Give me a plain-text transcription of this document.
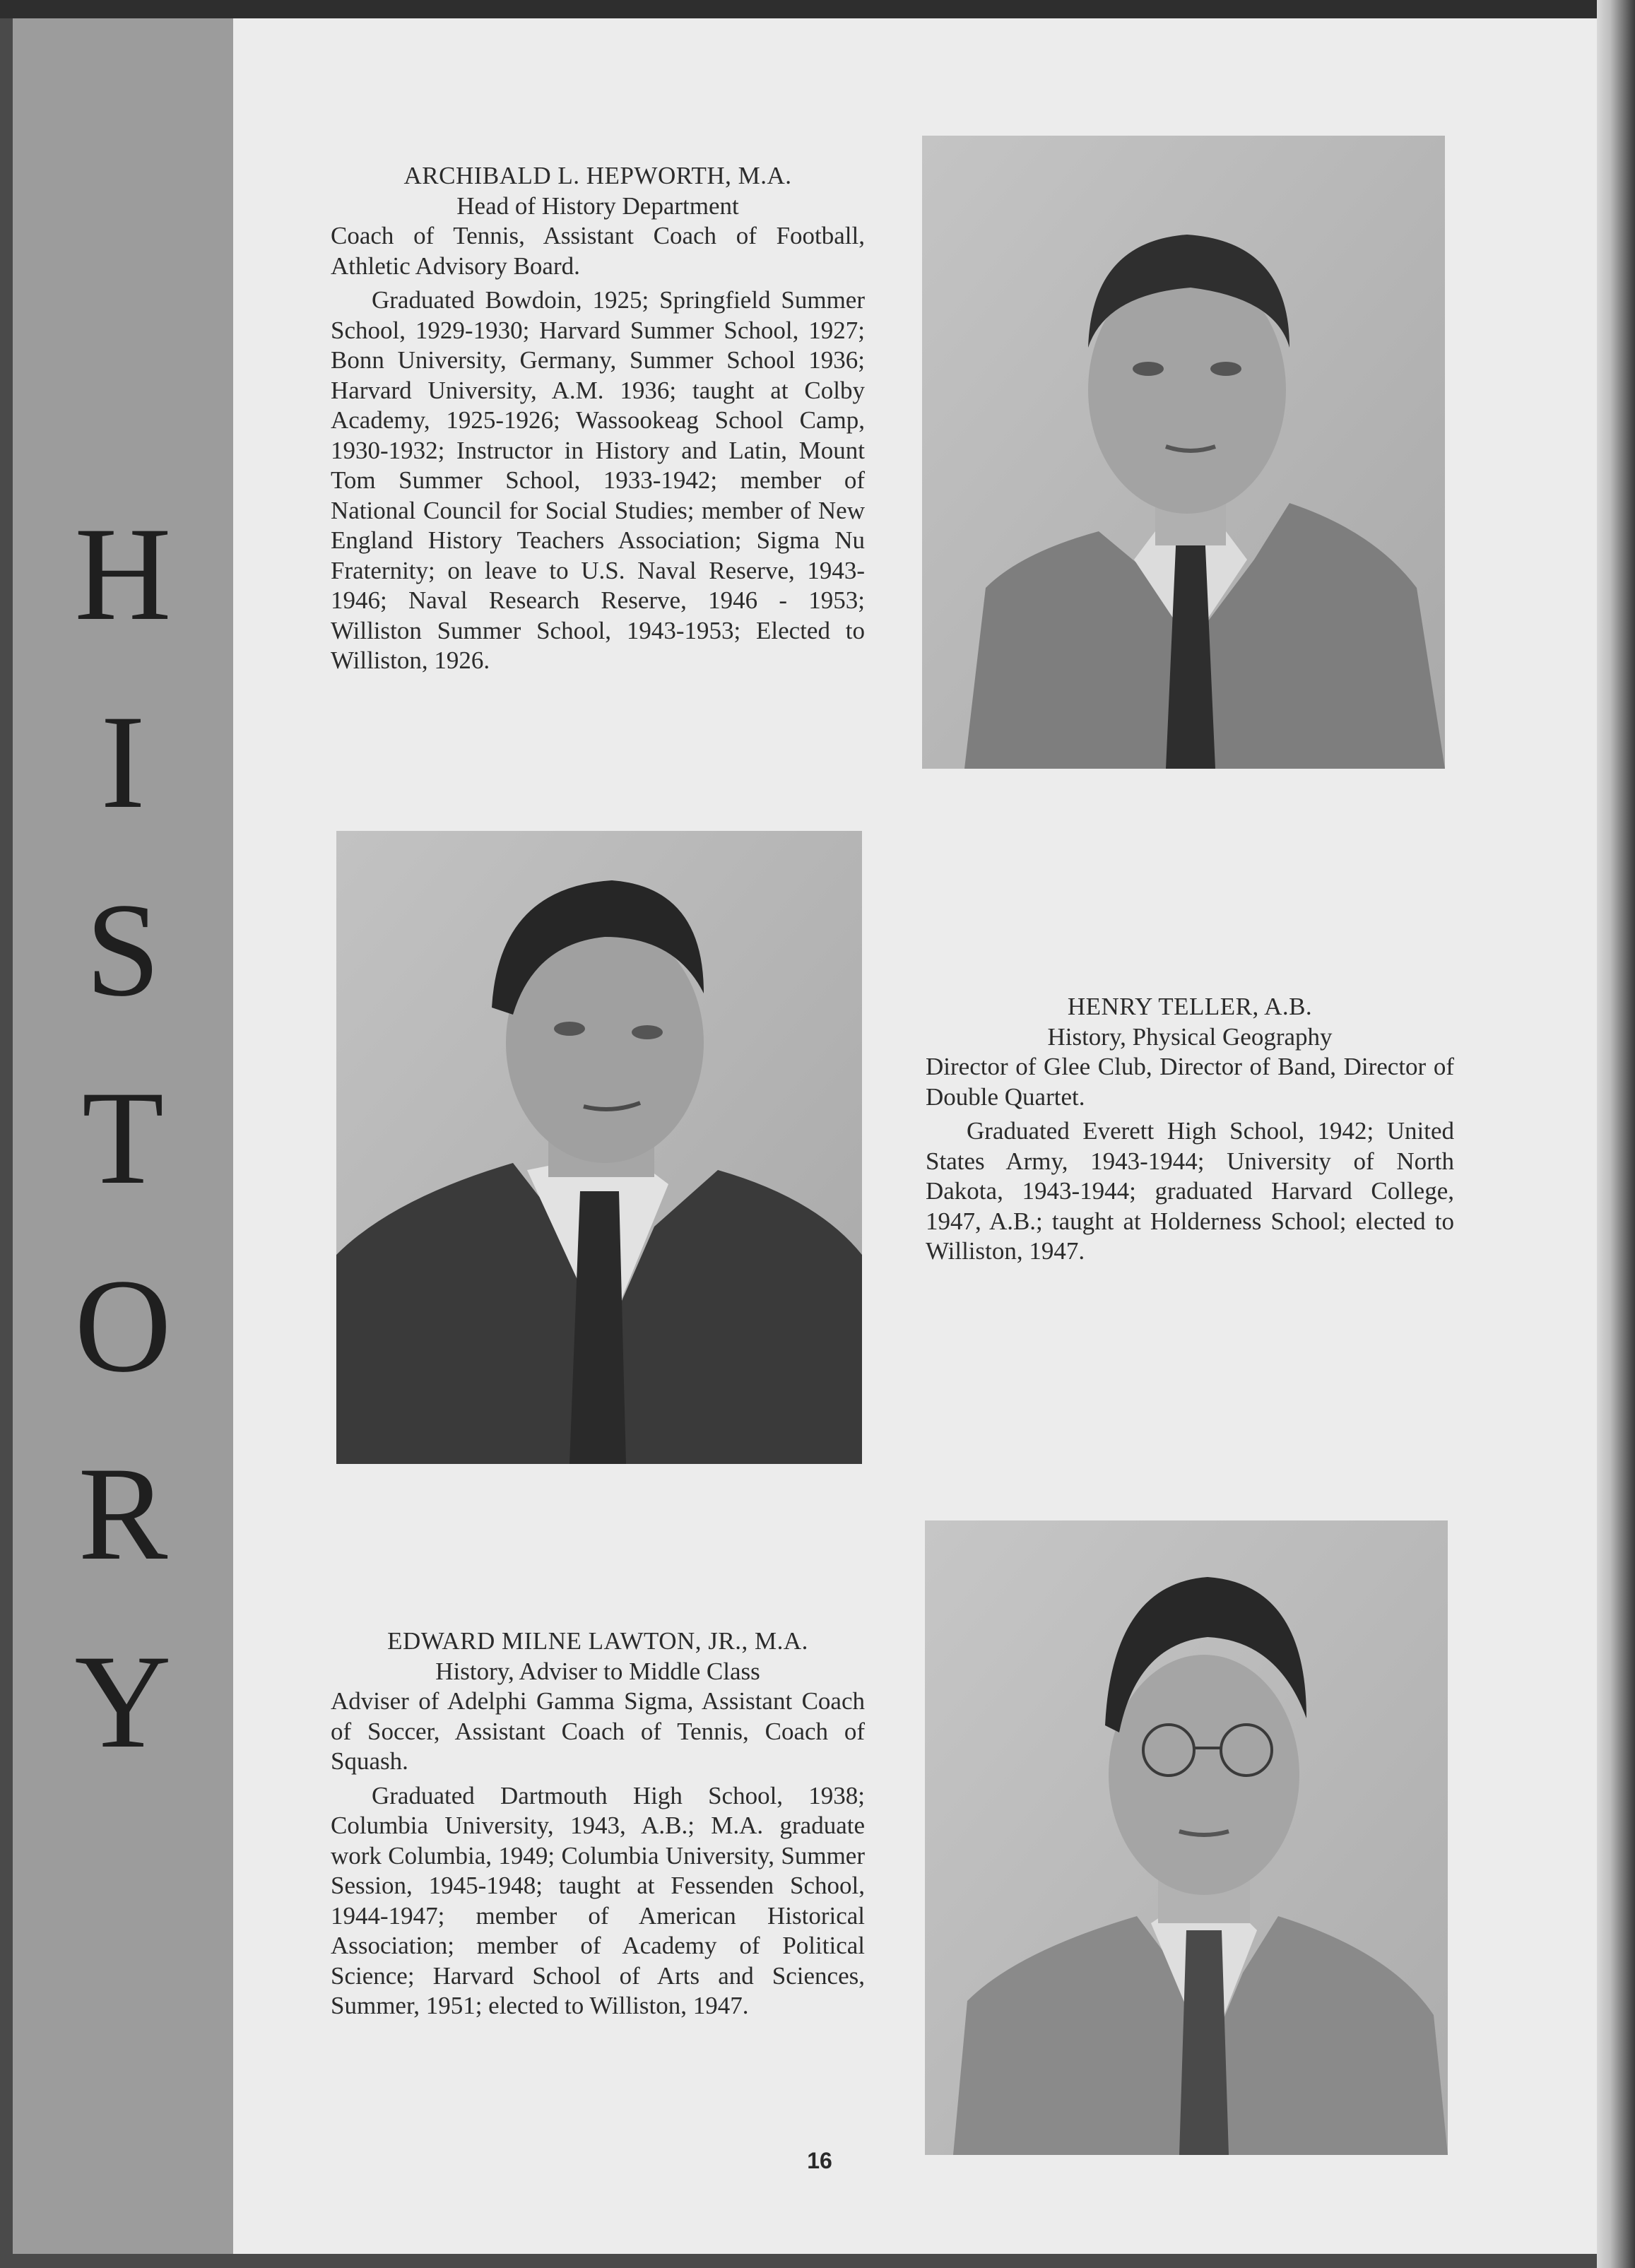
H
I
S
T
O
R
Y
ARCHIBALD L. HEPWORTH, M.A.
Head of History Department
Coach of Tennis, Assistant Coach of Football, Athletic Advisory Board.
Graduated Bowdoin, 1925; Springfield Summer School, 1929-1930; Harvard Summer School, 1927; Bonn University, Germany, Summer School 1936; Harvard University, A.M. 1936; taught at Colby Academy, 1925-1926; Wassookeag School Camp, 1930-1932; Instructor in History and Latin, Mount Tom Summer School, 1933-1942; member of National Council for Social Studies; member of New England History Teachers Association; Sigma Nu Fraternity; on leave to U.S. Naval Reserve, 1943-1946; Naval Research Reserve, 1946 - 1953; Williston Summer School, 1943-1953; Elected to Williston, 1926.
HENRY TELLER, A.B.
History, Physical Geography
Director of Glee Club, Director of Band, Director of Double Quartet.
Graduated Everett High School, 1942; United States Army, 1943-1944; University of North Dakota, 1943-1944; graduated Harvard College, 1947, A.B.; taught at Holderness School; elected to Williston, 1947.
EDWARD MILNE LAWTON, JR., M.A.
History, Adviser to Middle Class
Adviser of Adelphi Gamma Sigma, Assistant Coach of Soccer, Assistant Coach of Tennis, Coach of Squash.
Graduated Dartmouth High School, 1938; Columbia University, 1943, A.B.; M.A. graduate work Columbia, 1949; Columbia University, Summer Session, 1945-1948; taught at Fessenden School, 1944-1947; member of American Historical Association; member of Academy of Political Science; Harvard School of Arts and Sciences, Summer, 1951; elected to Williston, 1947.
16
